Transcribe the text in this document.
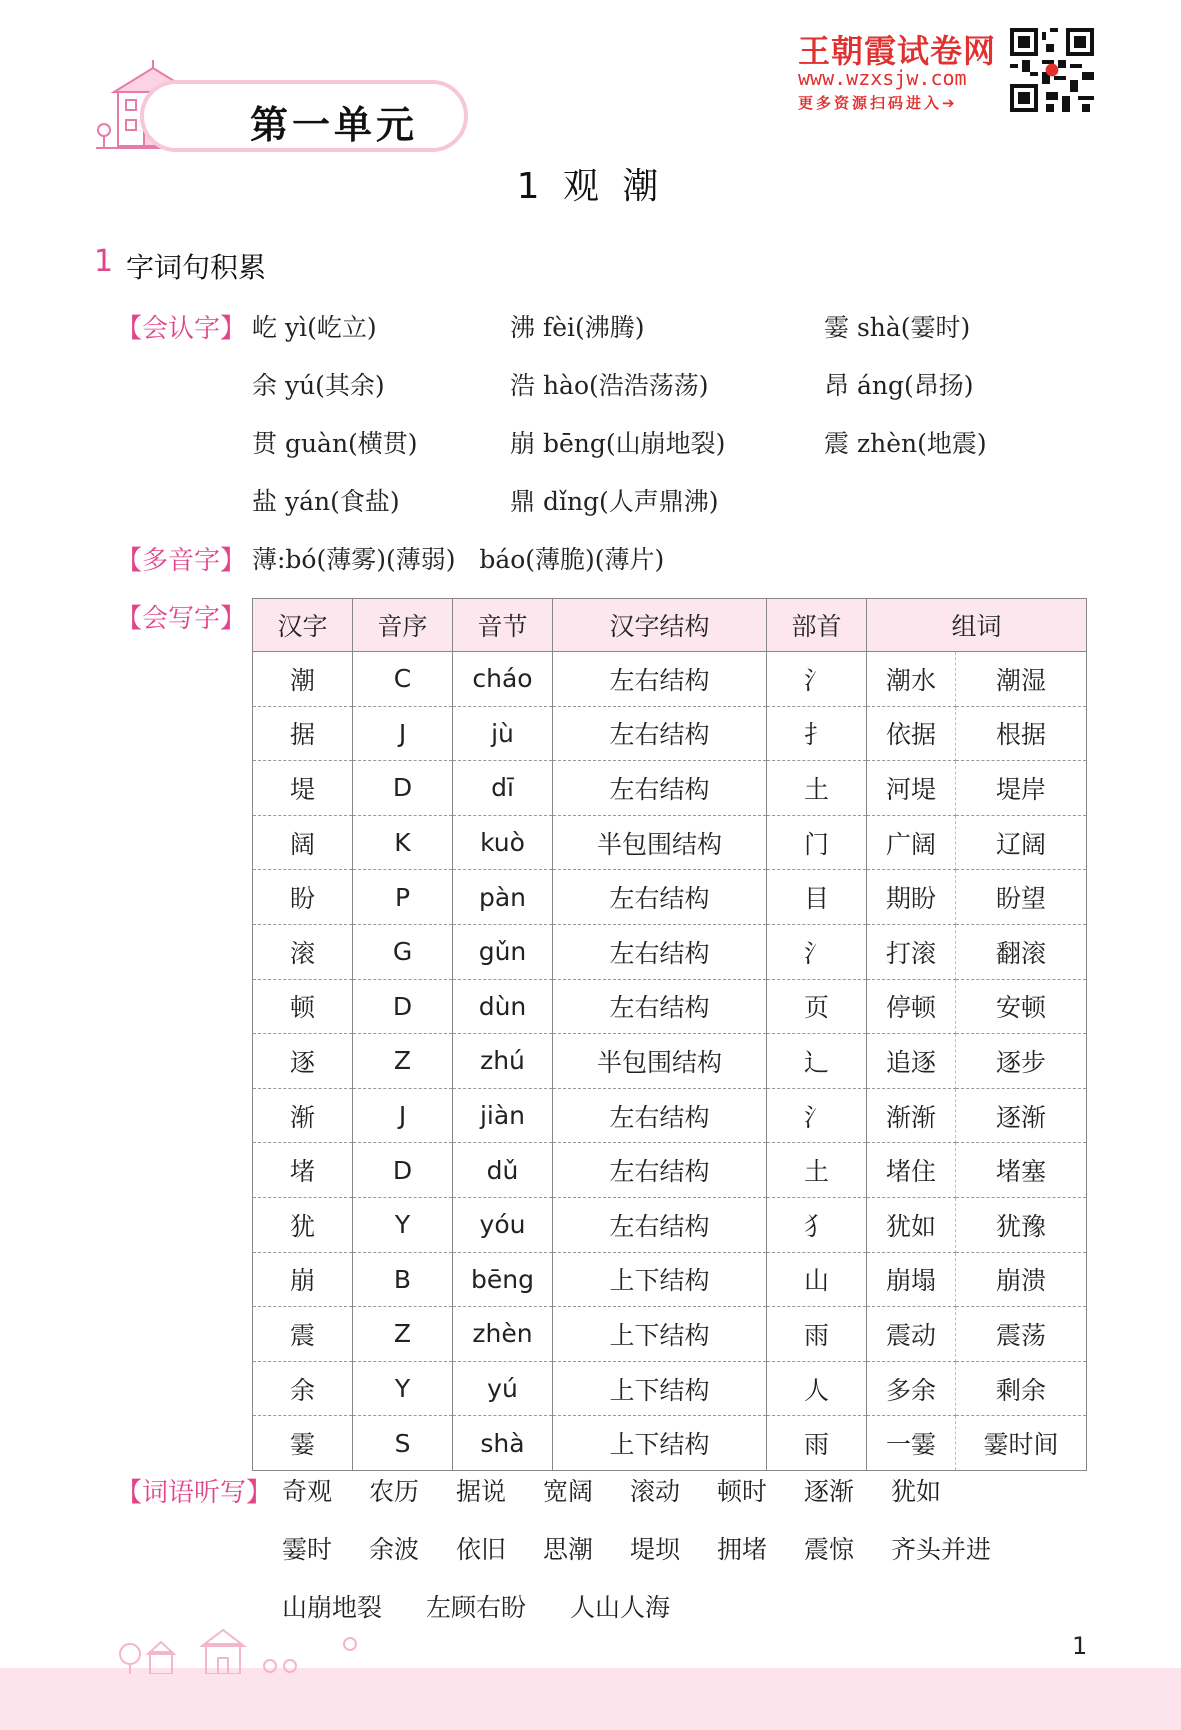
第一单元
王朝霞试卷网
www.wzxsjw.com
更多资源扫码进入➔
1 观 潮
1 字词句积累
【会认字】 屹 yì(屹立)	沸 fèi(沸腾)	霎 shà(霎时)
余 yú(其余)	浩 hào(浩浩荡荡)	昂 áng(昂扬)
贯 guàn(横贯)	崩 bēng(山崩地裂)	震 zhèn(地震)
盐 yán(食盐)	鼎 dǐng(人声鼎沸)
【多音字】 薄:bó(薄雾)(薄弱)   báo(薄脆)(薄片)
【会写字】 汉字	音序	音节	汉字结构	部首	组词	
潮	C	cháo	左右结构	氵	潮水	潮湿
据	J	jù	左右结构	扌	依据	根据
堤	D	dī	左右结构	土	河堤	堤岸
阔	K	kuò	半包围结构	门	广阔	辽阔
盼	P	pàn	左右结构	目	期盼	盼望
滚	G	gǔn	左右结构	氵	打滚	翻滚
顿	D	dùn	左右结构	页	停顿	安顿
逐	Z	zhú	半包围结构	辶	追逐	逐步
渐	J	jiàn	左右结构	氵	渐渐	逐渐
堵	D	dǔ	左右结构	土	堵住	堵塞
犹	Y	yóu	左右结构	犭	犹如	犹豫
崩	B	bēng	上下结构	山	崩塌	崩溃
震	Z	zhèn	上下结构	雨	震动	震荡
余	Y	yú	上下结构	人	多余	剩余
霎	S	shà	上下结构	雨	一霎	霎时间
【词语听写】 奇观 农历 据说 宽阔 滚动 顿时 逐渐 犹如
霎时 余波 依旧 思潮 堤坝 拥堵 震惊 齐头并进
山崩地裂 左顾右盼 人山人海
1
